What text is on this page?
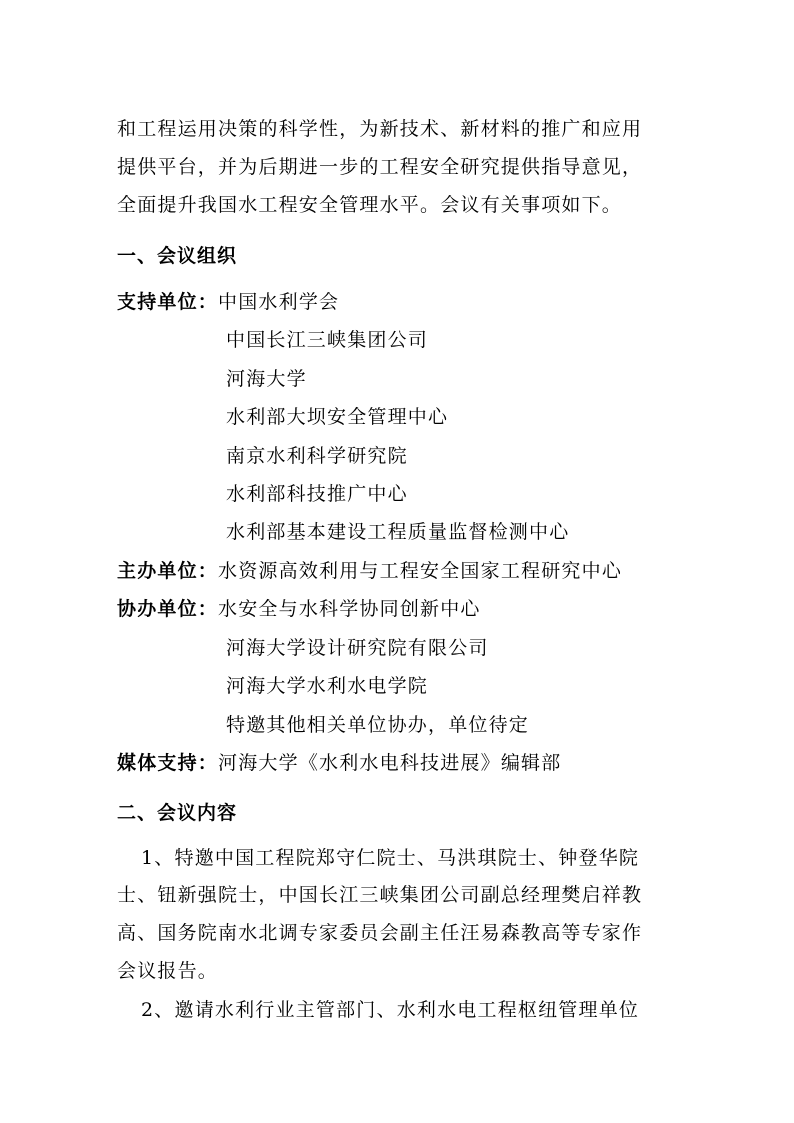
和工程运用决策的科学性，为新技术、新材料的推广和应用

提供平台，并为后期进一步的工程安全研究提供指导意见，

全面提升我国水工程安全管理水平。会议有关事项如下。

一、会议组织

支持单位： 中国水利学会

中国长江三峡集团公司

河海大学

水利部大坝安全管理中心

南京水利科学研究院

水利部科技推广中心

水利部基本建设工程质量监督检测中心

主办单位： 水资源高效利用与工程安全国家工程研究中心

协办单位： 水安全与水科学协同创新中心

河海大学设计研究院有限公司

河海大学水利水电学院

特邀其他相关单位协办，单位待定

媒体支持： 河海大学《水利水电科技进展》编辑部

二、会议内容

1、特邀中国工程院郑守仁院士、马洪琪院士、钟登华院

士、钮新强院士，中国长江三峡集团公司副总经理樊启祥教

高、国务院南水北调专家委员会副主任汪易森教高等专家作

会议报告。

2、邀请水利行业主管部门、水利水电工程枢纽管理单位
